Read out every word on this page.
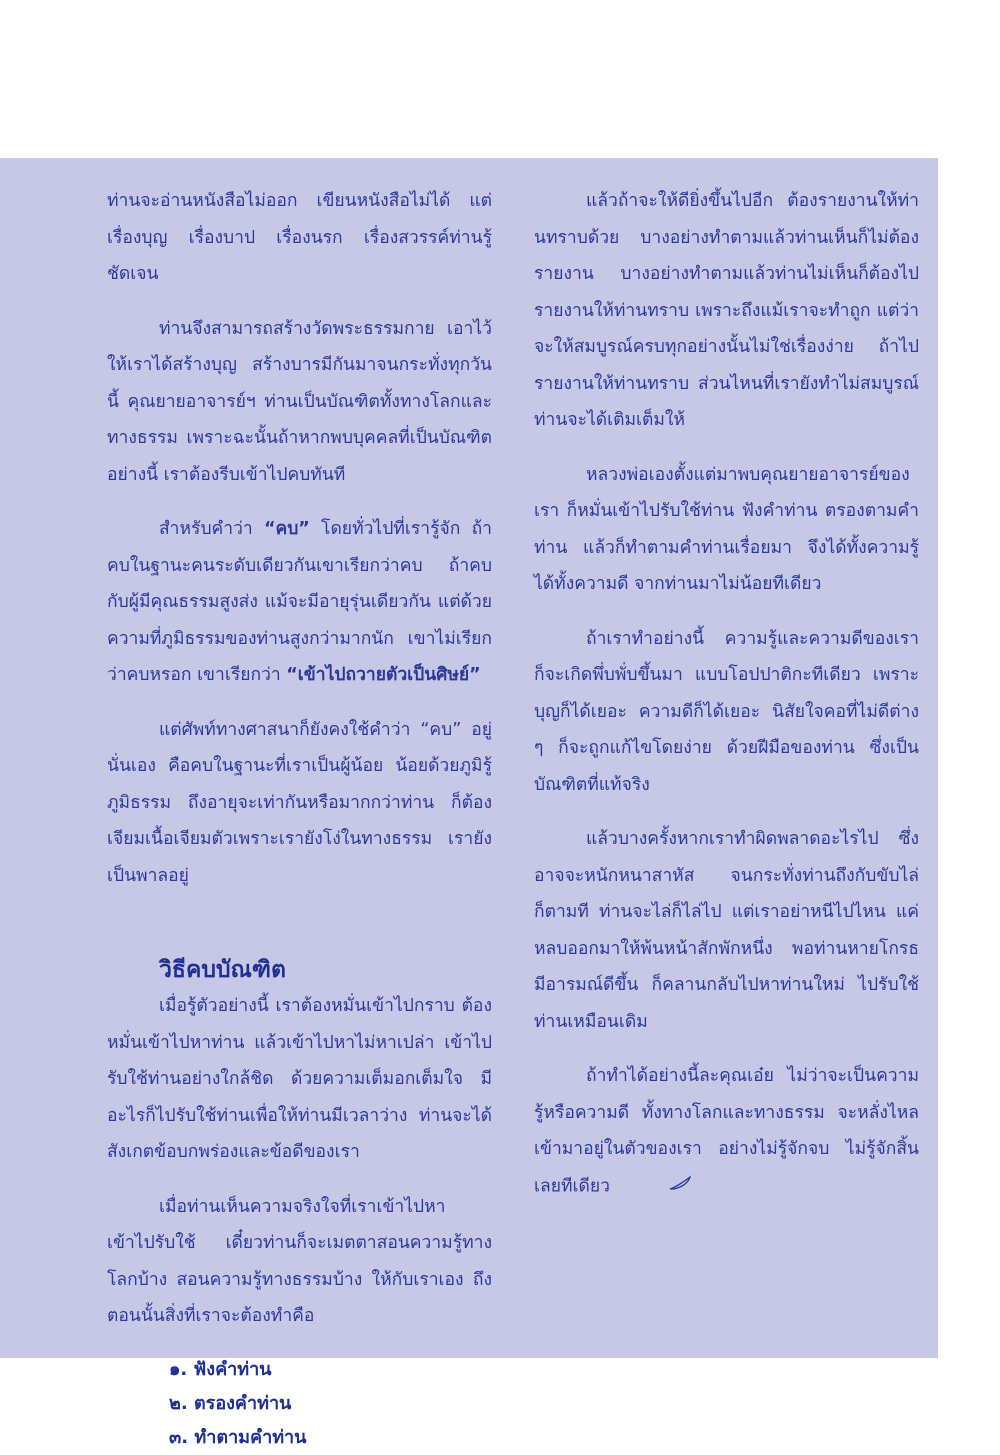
ท่านจะอ่านหนังสือไม่ออก เขียนหนังสือไม่ได้ แต่เรื่องบุญ เรื่องบาป เรื่องนรก เรื่องสวรรค์ท่านรู้ชัดเจน

ท่านจึงสามารถสร้างวัดพระธรรมกาย เอาไว้ให้เราได้สร้างบุญ สร้างบารมีกันมาจนกระทั่งทุกวันนี้ คุณยายอาจารย์ฯ ท่านเป็นบัณฑิตทั้งทางโลกและทางธรรม เพราะฉะนั้นถ้าหากพบบุคคลที่เป็นบัณฑิตอย่างนี้ เราต้องรีบเข้าไปคบทันที

สำหรับคำว่า “คบ” โดยทั่วไปที่เรารู้จัก ถ้าคบในฐานะคนระดับเดียวกันเขาเรียกว่าคบ ถ้าคบกับผู้มีคุณธรรมสูงส่ง แม้จะมีอายุรุ่นเดียวกัน แต่ด้วยความที่ภูมิธรรมของท่านสูงกว่ามากนัก เขาไม่เรียกว่าคบหรอก เขาเรียกว่า “เข้าไปถวายตัวเป็นศิษย์”

แต่ศัพท์ทางศาสนาก็ยังคงใช้คำว่า “คบ” อยู่นั่นเอง คือคบในฐานะที่เราเป็นผู้น้อย น้อยด้วยภูมิรู้ภูมิธรรม ถึงอายุจะเท่ากันหรือมากกว่าท่าน ก็ต้องเจียมเนื้อเจียมตัวเพราะเรายังโง่ในทางธรรม เรายังเป็นพาลอยู่

วิธีคบบัณฑิต

เมื่อรู้ตัวอย่างนี้ เราต้องหมั่นเข้าไปกราบ ต้องหมั่นเข้าไปหาท่าน แล้วเข้าไปหาไม่หาเปล่า เข้าไปรับใช้ท่านอย่างใกล้ชิด ด้วยความเต็มอกเต็มใจ มีอะไรก็ไปรับใช้ท่านเพื่อให้ท่านมีเวลาว่าง ท่านจะได้สังเกตข้อบกพร่องและข้อดีของเรา

เมื่อท่านเห็นความจริงใจที่เราเข้าไปหา เข้าไปรับใช้ เดี๋ยวท่านก็จะเมตตาสอนความรู้ทางโลกบ้าง สอนความรู้ทางธรรมบ้าง ให้กับเราเอง ถึงตอนนั้นสิ่งที่เราจะต้องทำคือ

๑. ฟังคำท่าน
๒. ตรองคำท่าน
๓. ทำตามคำท่าน

แล้วถ้าจะให้ดียิ่งขึ้นไปอีก ต้องรายงานให้ท่านทราบด้วย บางอย่างทำตามแล้วท่านเห็นก็ไม่ต้องรายงาน บางอย่างทำตามแล้วท่านไม่เห็นก็ต้องไปรายงานให้ท่านทราบ เพราะถึงแม้เราจะทำถูก แต่ว่าจะให้สมบูรณ์ครบทุกอย่างนั้นไม่ใช่เรื่องง่าย ถ้าไปรายงานให้ท่านทราบ ส่วนไหนที่เรายังทำไม่สมบูรณ์ ท่านจะได้เติมเต็มให้

หลวงพ่อเองตั้งแต่มาพบคุณยายอาจารย์ของเรา ก็หมั่นเข้าไปรับใช้ท่าน ฟังคำท่าน ตรองตามคำท่าน แล้วก็ทำตามคำท่านเรื่อยมา จึงได้ทั้งความรู้ ได้ทั้งความดี จากท่านมาไม่น้อยทีเดียว

ถ้าเราทำอย่างนี้ ความรู้และความดีของเรา ก็จะเกิดพึ่บพั่บขึ้นมา แบบโอปปาติกะทีเดียว เพราะบุญก็ได้เยอะ ความดีก็ได้เยอะ นิสัยใจคอที่ไม่ดีต่าง ๆ ก็จะถูกแก้ไขโดยง่าย ด้วยฝีมือของท่าน ซึ่งเป็นบัณฑิตที่แท้จริง

แล้วบางครั้งหากเราทำผิดพลาดอะไรไป ซึ่งอาจจะหนักหนาสาหัส จนกระทั่งท่านถึงกับขับไล่ก็ตามที ท่านจะไล่ก็ไล่ไป แต่เราอย่าหนีไปไหน แค่หลบออกมาให้พ้นหน้าสักพักหนึ่ง พอท่านหายโกรธ มีอารมณ์ดีขึ้น ก็คลานกลับไปหาท่านใหม่ ไปรับใช้ท่านเหมือนเดิม

ถ้าทำได้อย่างนี้ละคุณเอ๋ย ไม่ว่าจะเป็นความรู้หรือความดี ทั้งทางโลกและทางธรรม จะหลั่งไหลเข้ามาอยู่ในตัวของเรา อย่างไม่รู้จักจบ ไม่รู้จักสิ้นเลยทีเดียว
